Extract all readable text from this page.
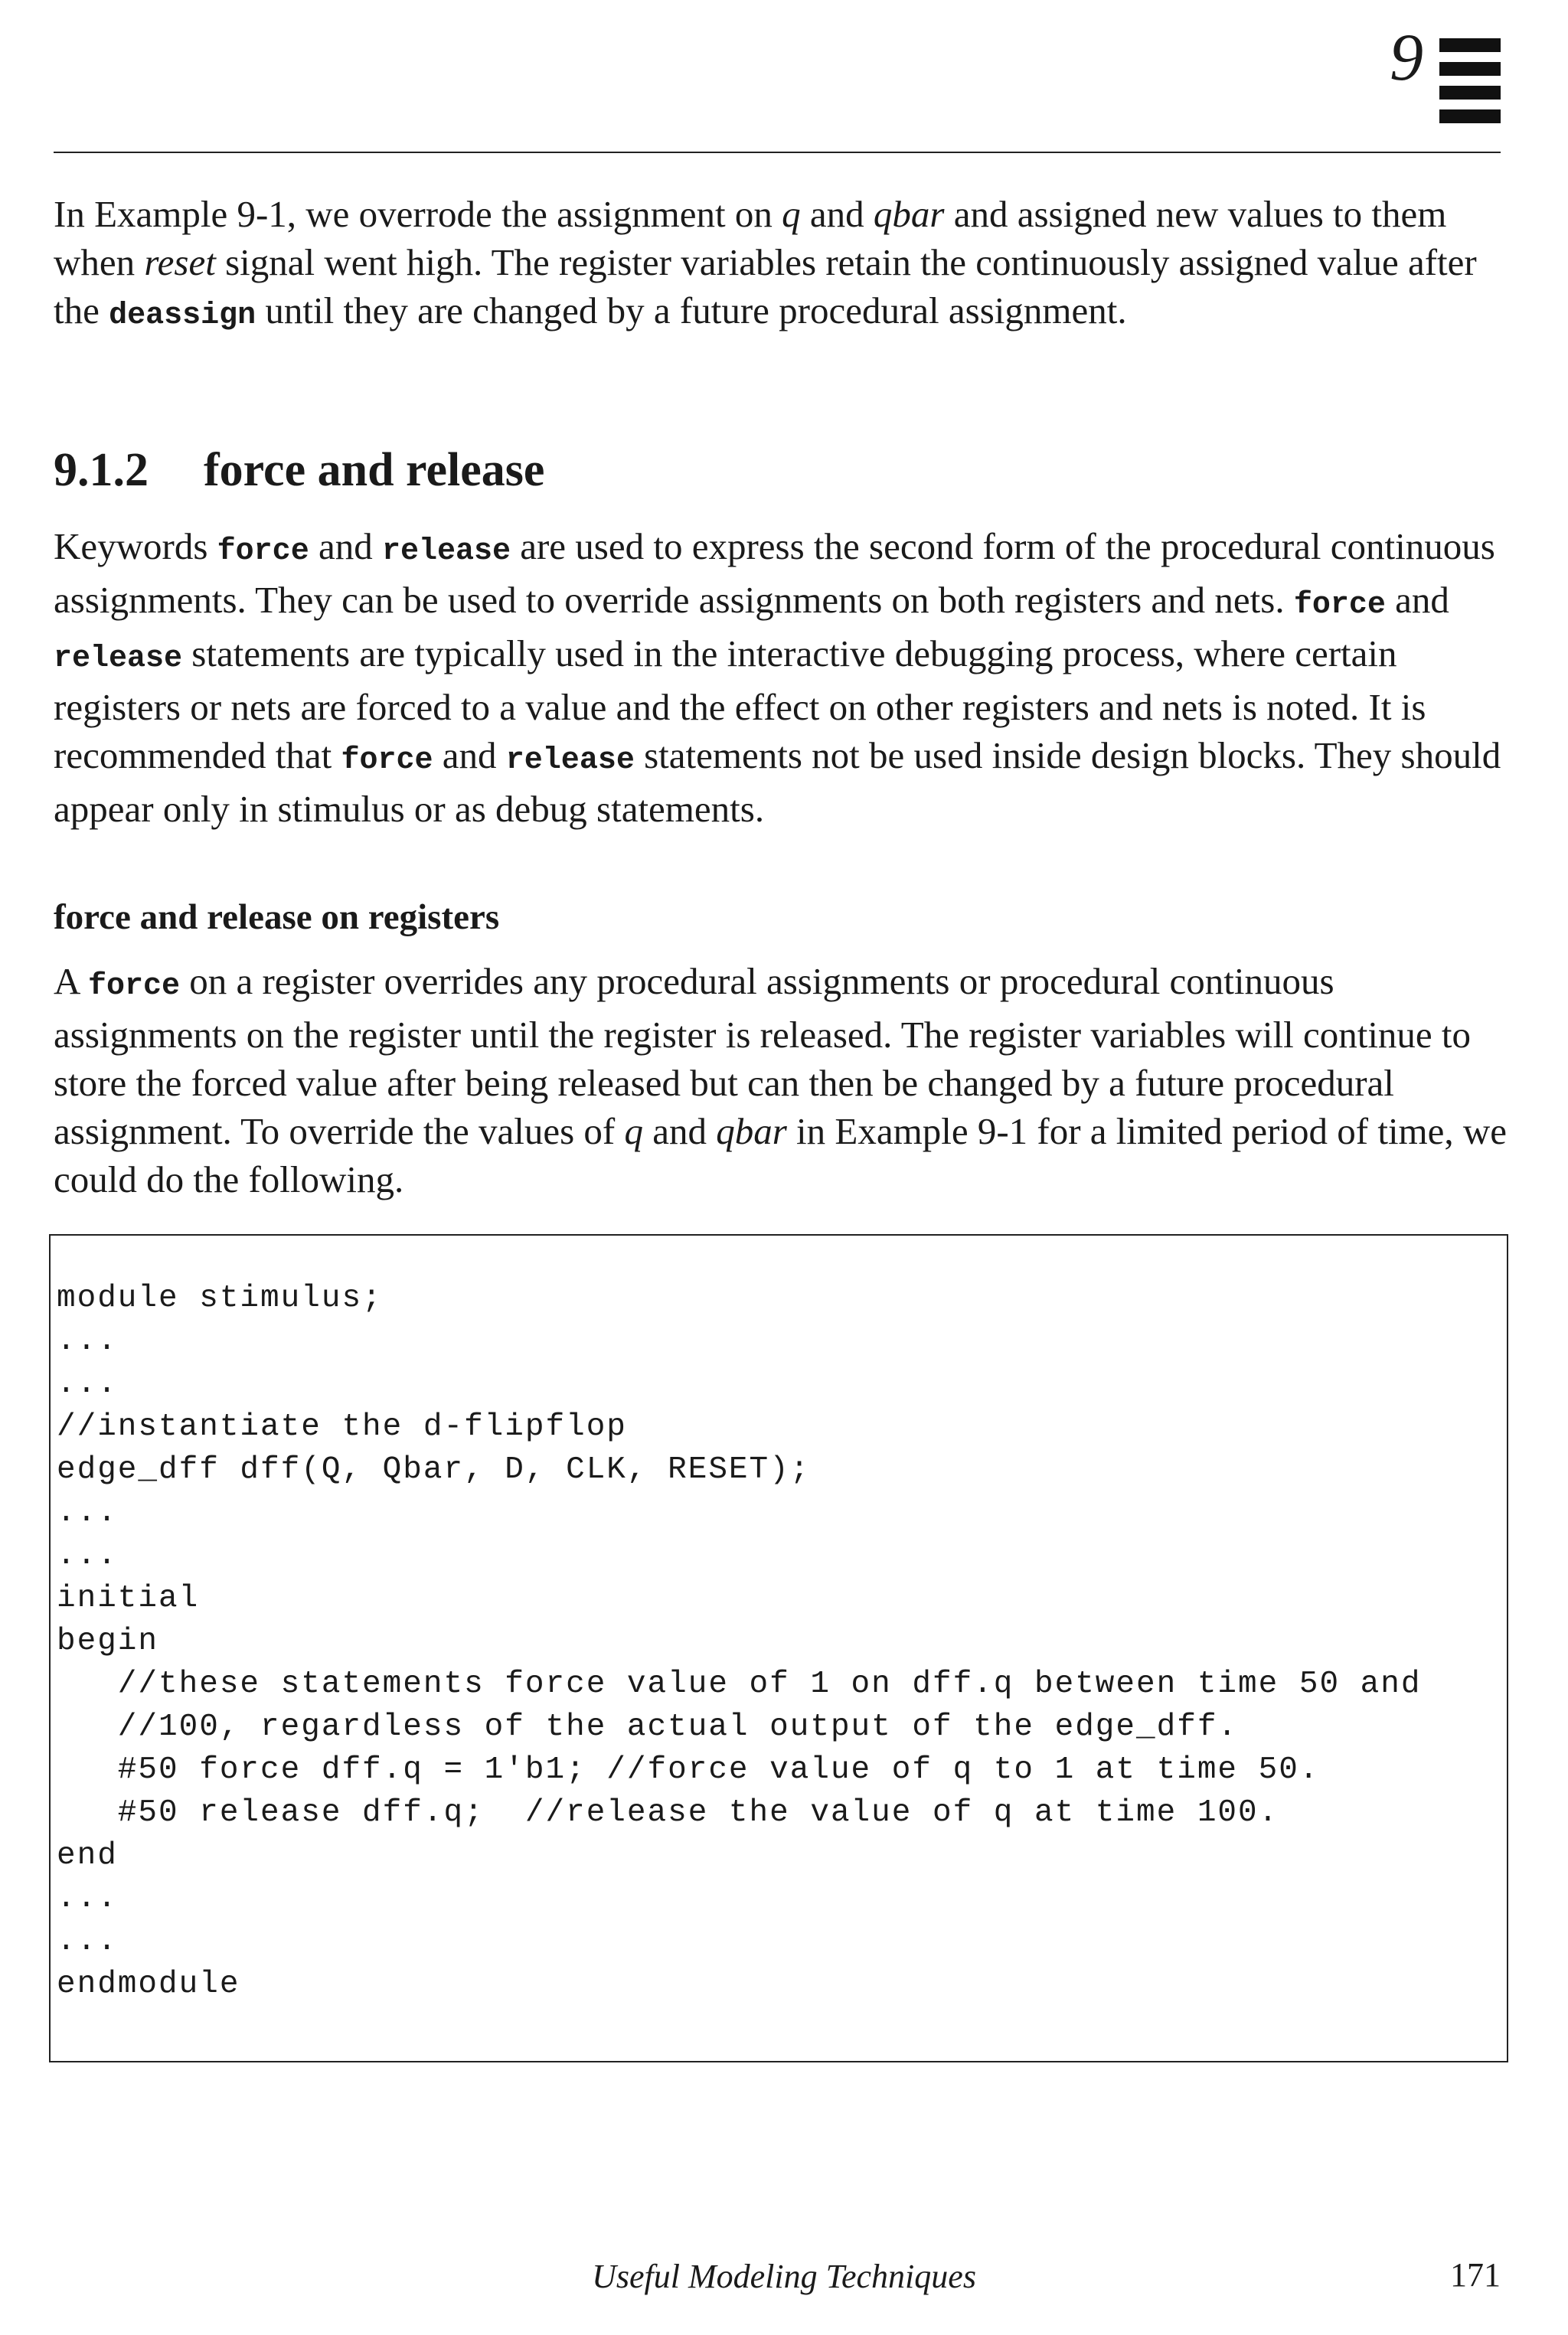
9

In Example 9-1, we overrode the assignment on q and qbar and assigned new values to them when reset signal went high. The register variables retain the continuously assigned value after the deassign until they are changed by a future procedural assignment.

9.1.2 force and release

Keywords force and release are used to express the second form of the procedural continuous assignments. They can be used to override assignments on both registers and nets. force and release statements are typically used in the interactive debugging process, where certain registers or nets are forced to a value and the effect on other registers and nets is noted. It is recommended that force and release statements not be used inside design blocks. They should appear only in stimulus or as debug statements.

force and release on registers

A force on a register overrides any procedural assignments or procedural continuous assignments on the register until the register is released. The register variables will continue to store the forced value after being released but can then be changed by a future procedural assignment. To override the values of q and qbar in Example 9-1 for a limited period of time, we could do the following.

module stimulus;
...
...
//instantiate the d-flipflop
edge_dff dff(Q, Qbar, D, CLK, RESET);
...
...
initial
begin
//these statements force value of 1 on dff.q between time 50 and
//100, regardless of the actual output of the edge_dff.
#50 force dff.q = 1'b1; //force value of q to 1 at time 50.
#50 release dff.q;  //release the value of q at time 100.
end
...
...
endmodule

Useful Modeling Techniques	171
